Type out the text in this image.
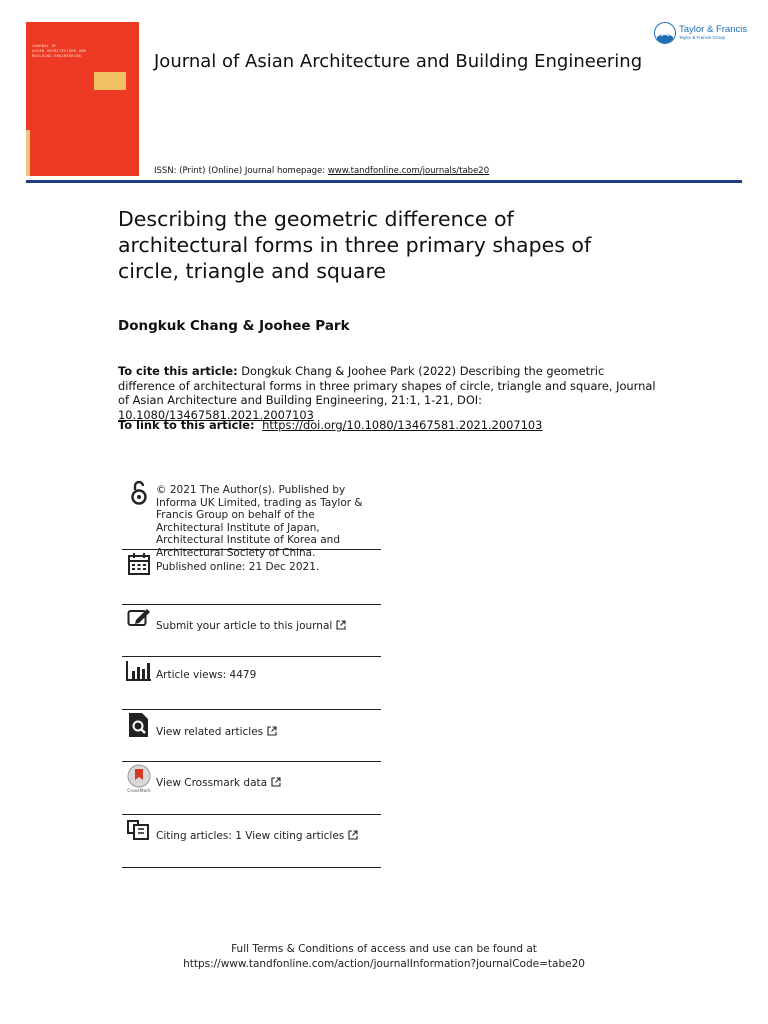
JOURNAL OF
ASIAN ARCHITECTURE AND
BUILDING ENGINEERING	Journal of Asian Architecture and Building Engineering
Taylor & Francis
Taylor & Francis Group
ISSN: (Print) (Online) Journal homepage: www.tandfonline.com/journals/tabe20
Describing the geometric difference of architectural forms in three primary shapes of circle, triangle and square
Dongkuk Chang & Joohee Park
To cite this article: Dongkuk Chang & Joohee Park (2022) Describing the geometric difference of architectural forms in three primary shapes of circle, triangle and square, Journal of Asian Architecture and Building Engineering, 21:1, 1-21, DOI: 10.1080/13467581.2021.2007103
To link to this article:  https://doi.org/10.1080/13467581.2021.2007103
© 2021 The Author(s). Published by Informa UK Limited, trading as Taylor & Francis Group on behalf of the Architectural Institute of Japan, Architectural Institute of Korea and Architectural Society of China.
Published online: 21 Dec 2021.
Submit your article to this journal
Article views: 4479
View related articles
CrossMark
View Crossmark data
Citing articles: 1 View citing articles
Full Terms & Conditions of access and use can be found at
https://www.tandfonline.com/action/journalInformation?journalCode=tabe20
